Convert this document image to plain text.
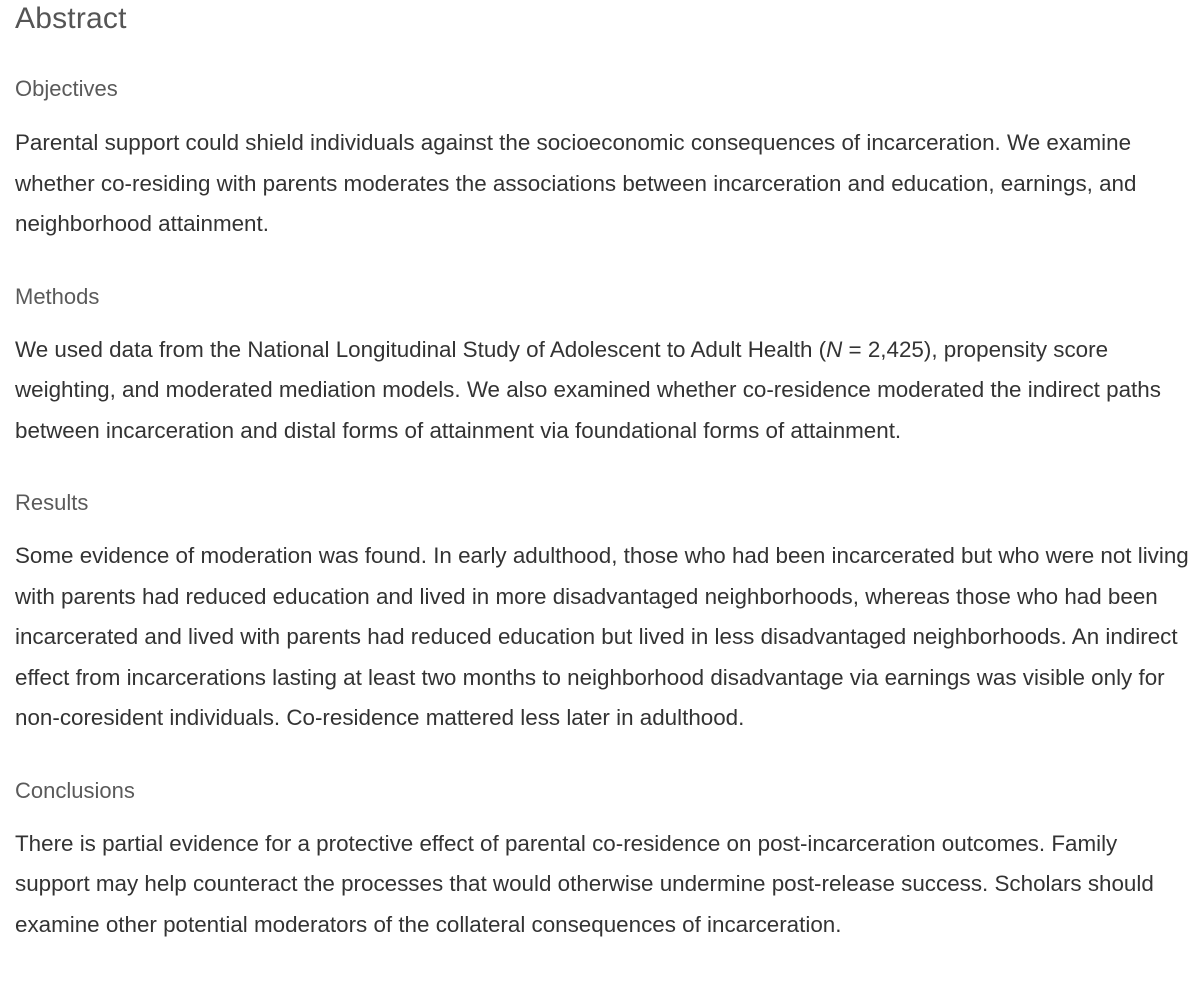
Abstract
Objectives

Parental support could shield individuals against the socioeconomic consequences of incarceration. We examine whether co-residing with parents moderates the associations between incarceration and education, earnings, and neighborhood attainment.

Methods

We used data from the National Longitudinal Study of Adolescent to Adult Health (N = 2,425), propensity score weighting, and moderated mediation models. We also examined whether co-residence moderated the indirect paths between incarceration and distal forms of attainment via foundational forms of attainment.

Results

Some evidence of moderation was found. In early adulthood, those who had been incarcerated but who were not living with parents had reduced education and lived in more disadvantaged neighborhoods, whereas those who had been incarcerated and lived with parents had reduced education but lived in less disadvantaged neighborhoods. An indirect effect from incarcerations lasting at least two months to neighborhood disadvantage via earnings was visible only for non-coresident individuals. Co-residence mattered less later in adulthood.

Conclusions

There is partial evidence for a protective effect of parental co-residence on post-incarceration outcomes. Family support may help counteract the processes that would otherwise undermine post-release success. Scholars should examine other potential moderators of the collateral consequences of incarceration.
